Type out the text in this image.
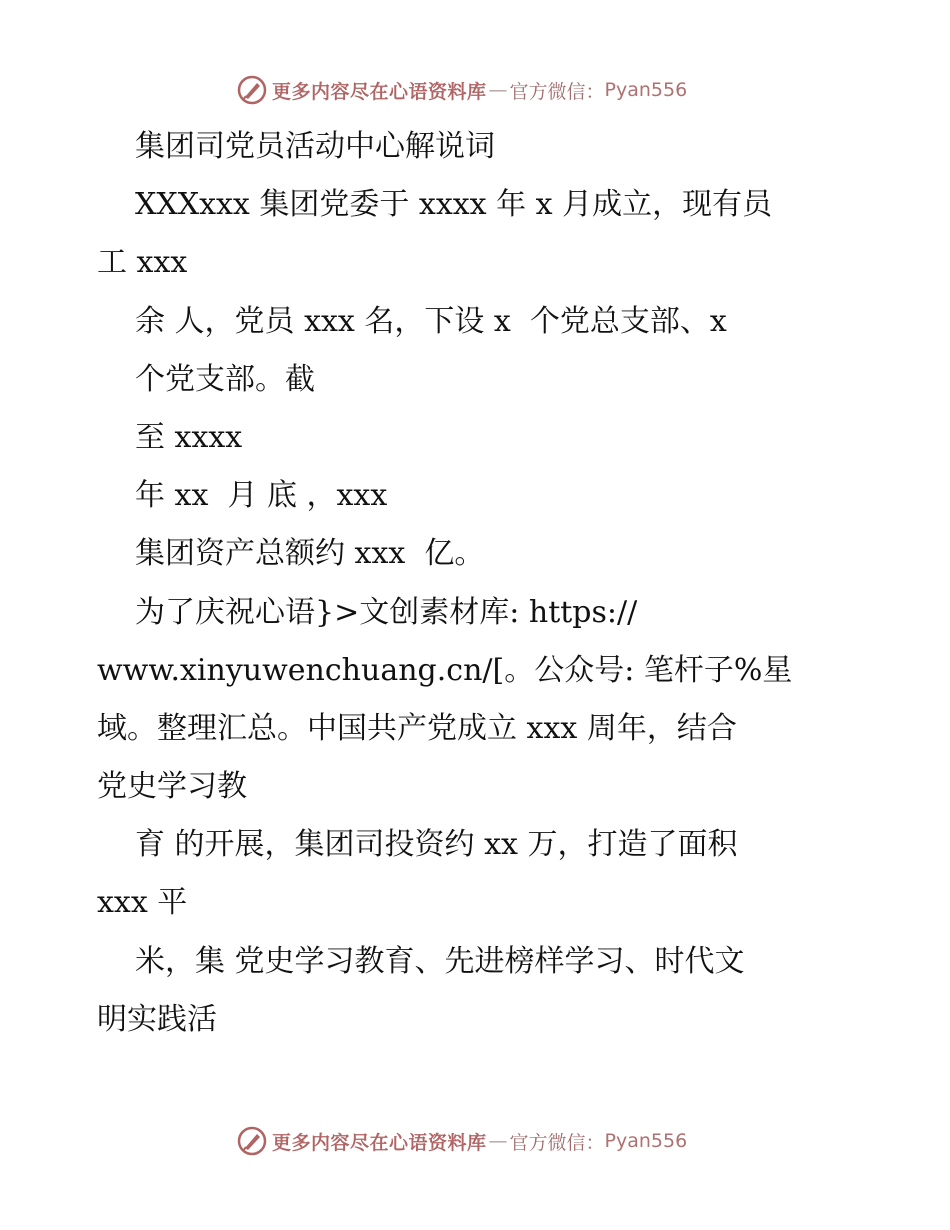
更多内容尽在心语资料库 — 官方微信： Pyan556
集团司党员活动中心解说词
XXXxxx 集团党委于 xxxx 年 x 月成立，现有员
工 xxx
余 人，党员 xxx 名，下设 x  个党总支部、x
个党支部。截
至 xxxx
年 xx  月 底 ，xxx
集团资产总额约 xxx  亿。
为了庆祝心语}>文创素材库: https://
www.xinyuwenchuang.cn/[。公众号: 笔杆子%星
域。整理汇总。中国共产党成立 xxx 周年，结合
党史学习教
育 的开展，集团司投资约 xx 万，打造了面积
xxx 平
米，集 党史学习教育、先进榜样学习、时代文
明实践活
更多内容尽在心语资料库 — 官方微信： Pyan556
